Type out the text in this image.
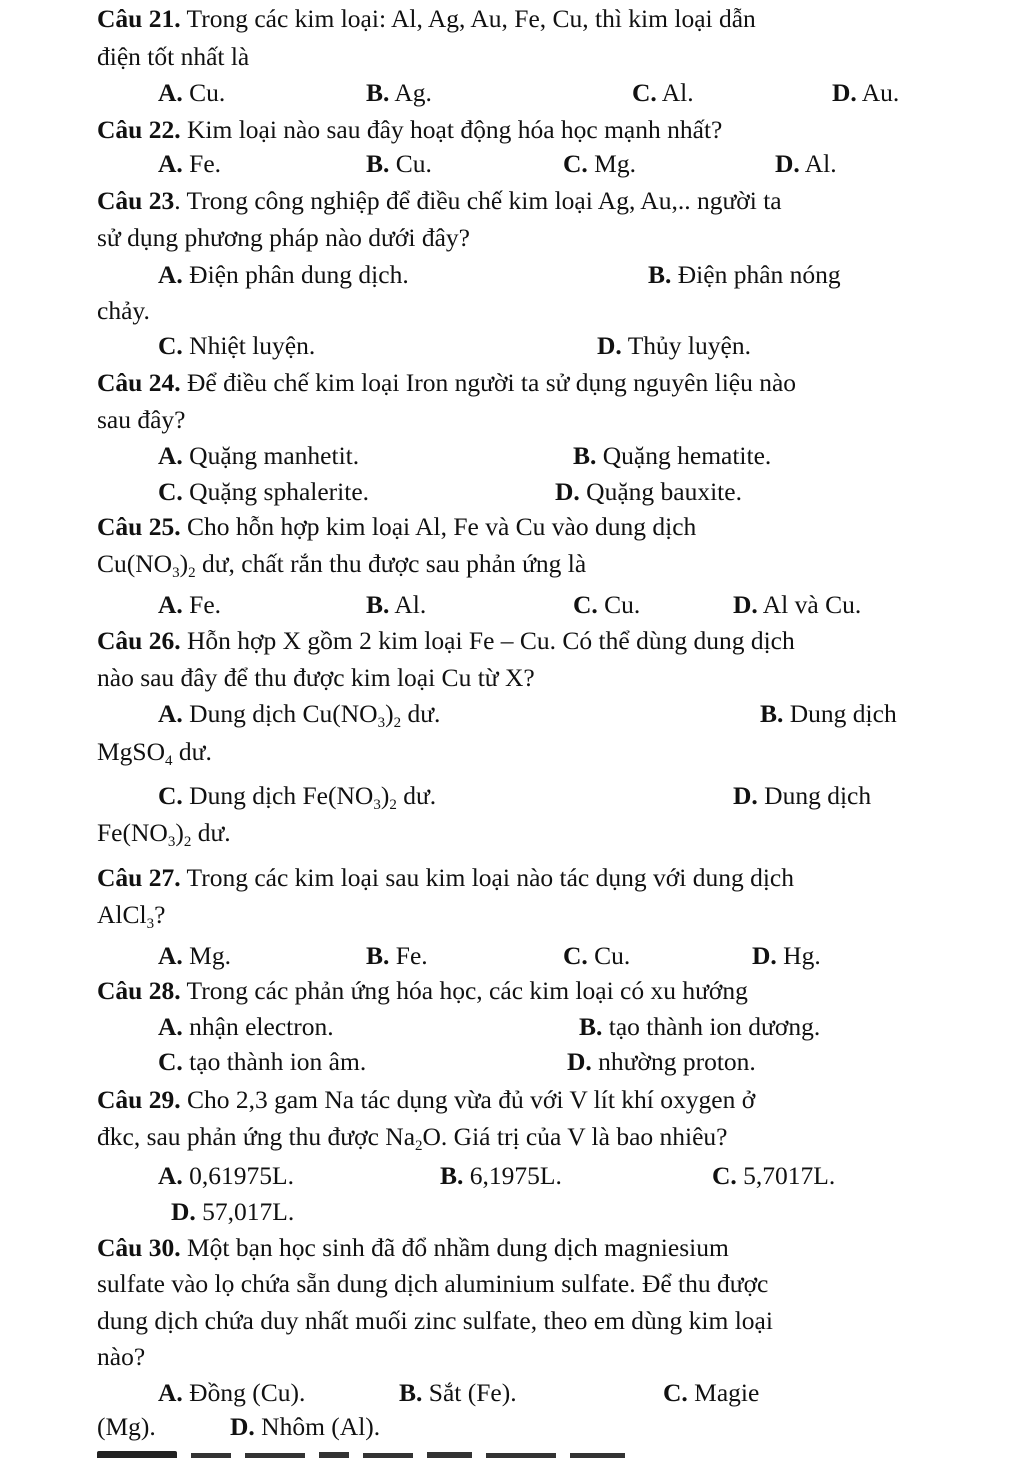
Câu 21. Trong các kim loại: Al, Ag, Au, Fe, Cu, thì kim loại dẫn
điện tốt nhất là
A. Cu.	B. Ag.	C. Al.	D. Au.
Câu 22. Kim loại nào sau đây hoạt động hóa học mạnh nhất?
A. Fe.	B. Cu.	C. Mg.	D. Al.
Câu 23. Trong công nghiệp để điều chế kim loại Ag, Au,.. người ta
sử dụng phương pháp nào dưới đây?
A. Điện phân dung dịch.	B. Điện phân nóng
chảy.
C. Nhiệt luyện.	D. Thủy luyện.
Câu 24. Để điều chế kim loại Iron người ta sử dụng nguyên liệu nào
sau đây?
A. Quặng manhetit.	B. Quặng hematite.
C. Quặng sphalerite.	D. Quặng bauxite.
Câu 25. Cho hỗn hợp kim loại Al, Fe và Cu vào dung dịch
$Cu(NO_3)_2$ dư, chất rắn thu được sau phản ứng là
A. Fe.	B. Al.	C. Cu.	D. Al và Cu.
Câu 26. Hỗn hợp X gồm 2 kim loại Fe – Cu. Có thể dùng dung dịch
nào sau đây để thu được kim loại Cu từ X?
A. Dung dịch $Cu(NO_3)_2$ dư.	B. Dung dịch
MgSO$_4$ dư.
C. Dung dịch $Fe(NO_3)_2$ dư.	D. Dung dịch
$Fe(NO_3)_2$ dư.
Câu 27. Trong các kim loại sau kim loại nào tác dụng với dung dịch
AlCl$_3$?
A. Mg.	B. Fe.	C. Cu.	D. Hg.
Câu 28. Trong các phản ứng hóa học, các kim loại có xu hướng
A. nhận electron.	B. tạo thành ion dương.
C. tạo thành ion âm.	D. nhường proton.
Câu 29. Cho 2,3 gam Na tác dụng vừa đủ với V lít khí oxygen ở
đkc, sau phản ứng thu được $Na_2O$. Giá trị của V là bao nhiêu?
A. 0,61975L.	B. 6,1975L.	C. 5,7017L.
D. 57,017L.
Câu 30. Một bạn học sinh đã đổ nhầm dung dịch magniesium
sulfate vào lọ chứa sẵn dung dịch aluminium sulfate. Để thu được
dung dịch chứa duy nhất muối zinc sulfate, theo em dùng kim loại
nào?
A. Đồng (Cu).	B. Sắt (Fe).	C. Magie
(Mg).	D. Nhôm (Al).
